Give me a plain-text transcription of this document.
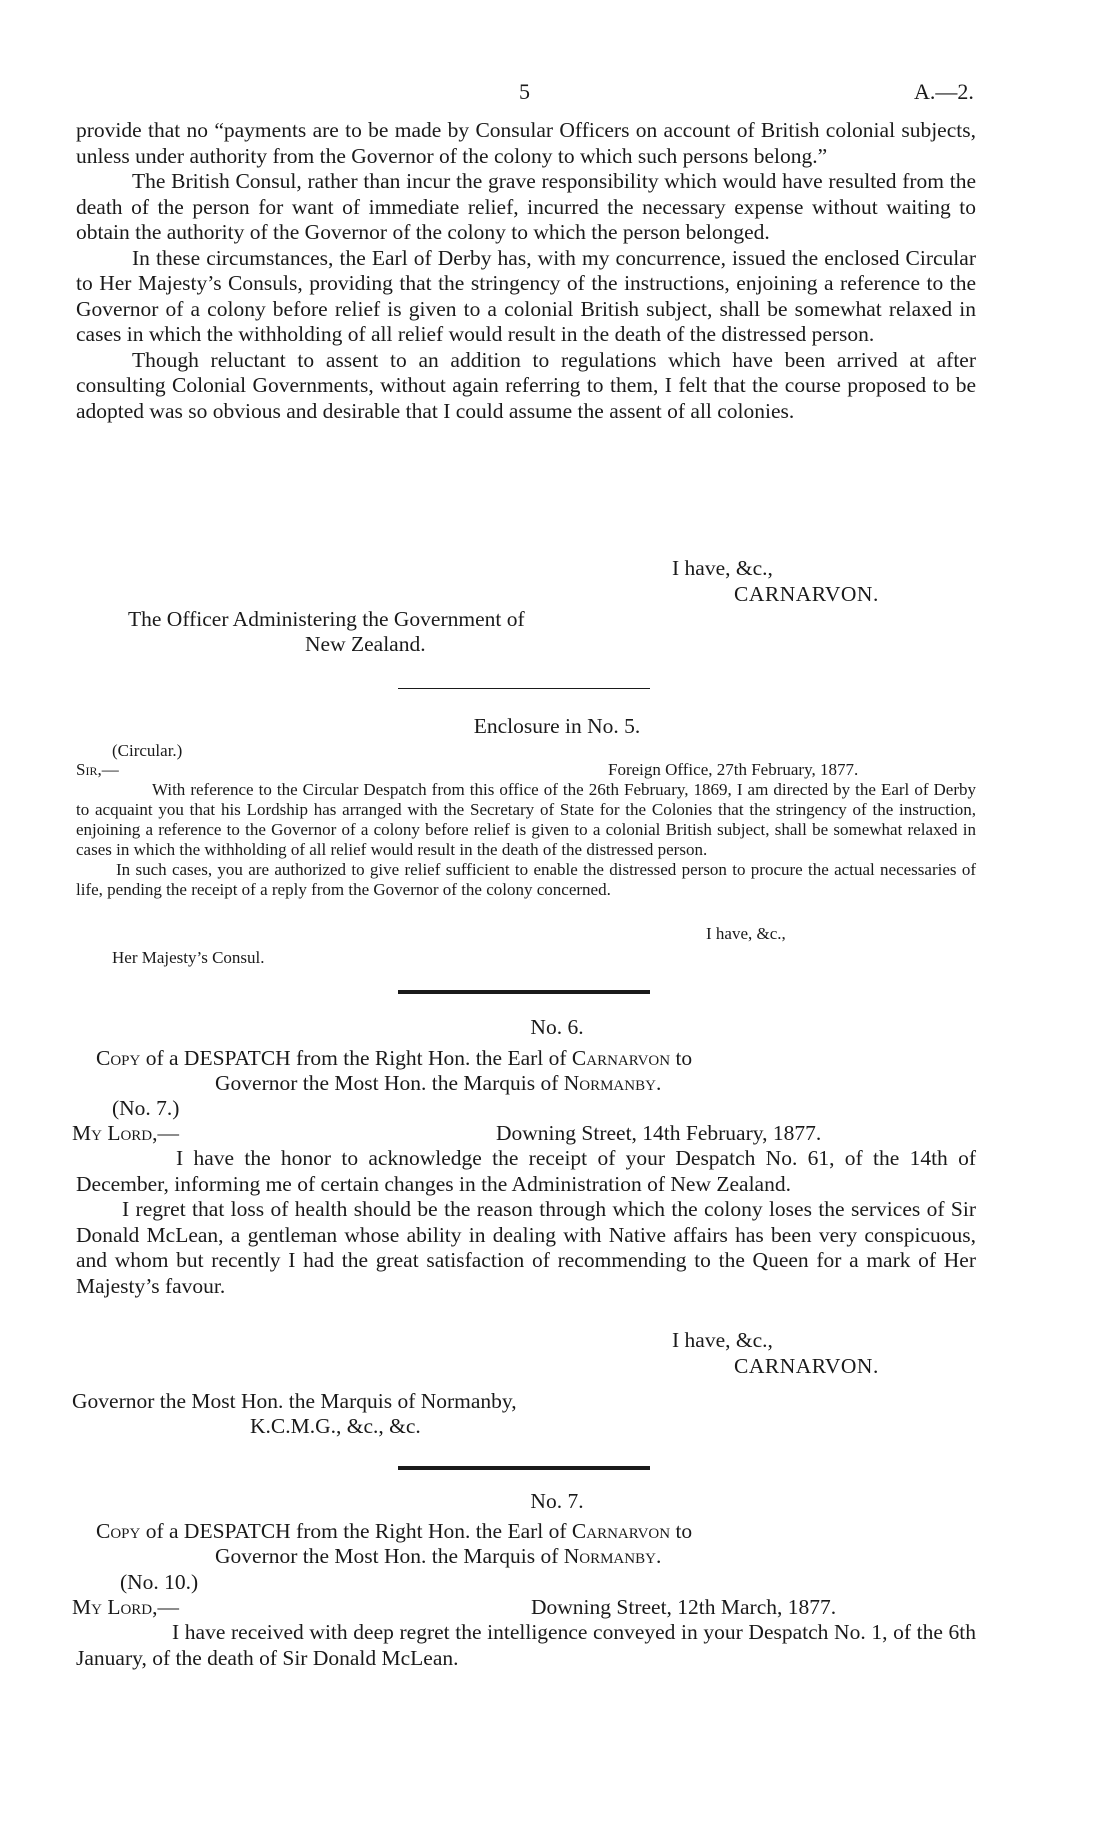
5	A.—2.

provide that no “payments are to be made by Consular Officers on account of British colonial subjects, unless under authority from the Governor of the colony to which such persons belong.”

The British Consul, rather than incur the grave responsibility which would have resulted from the death of the person for want of immediate relief, incurred the necessary expense without waiting to obtain the authority of the Governor of the colony to which the person belonged.

In these circumstances, the Earl of Derby has, with my concurrence, issued the enclosed Circular to Her Majesty’s Consuls, providing that the stringency of the instructions, enjoining a reference to the Governor of a colony before relief is given to a colonial British subject, shall be somewhat relaxed in cases in which the withholding of all relief would result in the death of the distressed person.

Though reluctant to assent to an addition to regulations which have been arrived at after consulting Colonial Governments, without again referring to them, I felt that the course proposed to be adopted was so obvious and desirable that I could assume the assent of all colonies.

I have, &c.,
CARNARVON.
The Officer Administering the Government of
New Zealand.
Enclosure in No. 5.
(Circular.)
Sir,—	Foreign Office, 27th February, 1877.

With reference to the Circular Despatch from this office of the 26th February, 1869, I am directed by the Earl of Derby to acquaint you that his Lordship has arranged with the Secretary of State for the Colonies that the stringency of the instruction, enjoining a reference to the Governor of a colony before relief is given to a colonial British subject, shall be somewhat relaxed in cases in which the withholding of all relief would result in the death of the distressed person.

In such cases, you are authorized to give relief sufficient to enable the distressed person to procure the actual necessaries of life, pending the receipt of a reply from the Governor of the colony concerned.

I have, &c.,
Her Majesty’s Consul.
No. 6.
Copy of a DESPATCH from the Right Hon. the Earl of Carnarvon to
Governor the Most Hon. the Marquis of Normanby.
(No. 7.)
My Lord,—	Downing Street, 14th February, 1877.

I have the honor to acknowledge the receipt of your Despatch No. 61, of the 14th of December, informing me of certain changes in the Administration of New Zealand.

I regret that loss of health should be the reason through which the colony loses the services of Sir Donald McLean, a gentleman whose ability in dealing with Native affairs has been very conspicuous, and whom but recently I had the great satisfaction of recommending to the Queen for a mark of Her Majesty’s favour.

I have, &c.,
CARNARVON.
Governor the Most Hon. the Marquis of Normanby,
K.C.M.G., &c., &c.
No. 7.
Copy of a DESPATCH from the Right Hon. the Earl of Carnarvon to
Governor the Most Hon. the Marquis of Normanby.
(No. 10.)
My Lord,—	Downing Street, 12th March, 1877.

I have received with deep regret the intelligence conveyed in your Despatch No. 1, of the 6th January, of the death of Sir Donald McLean.
